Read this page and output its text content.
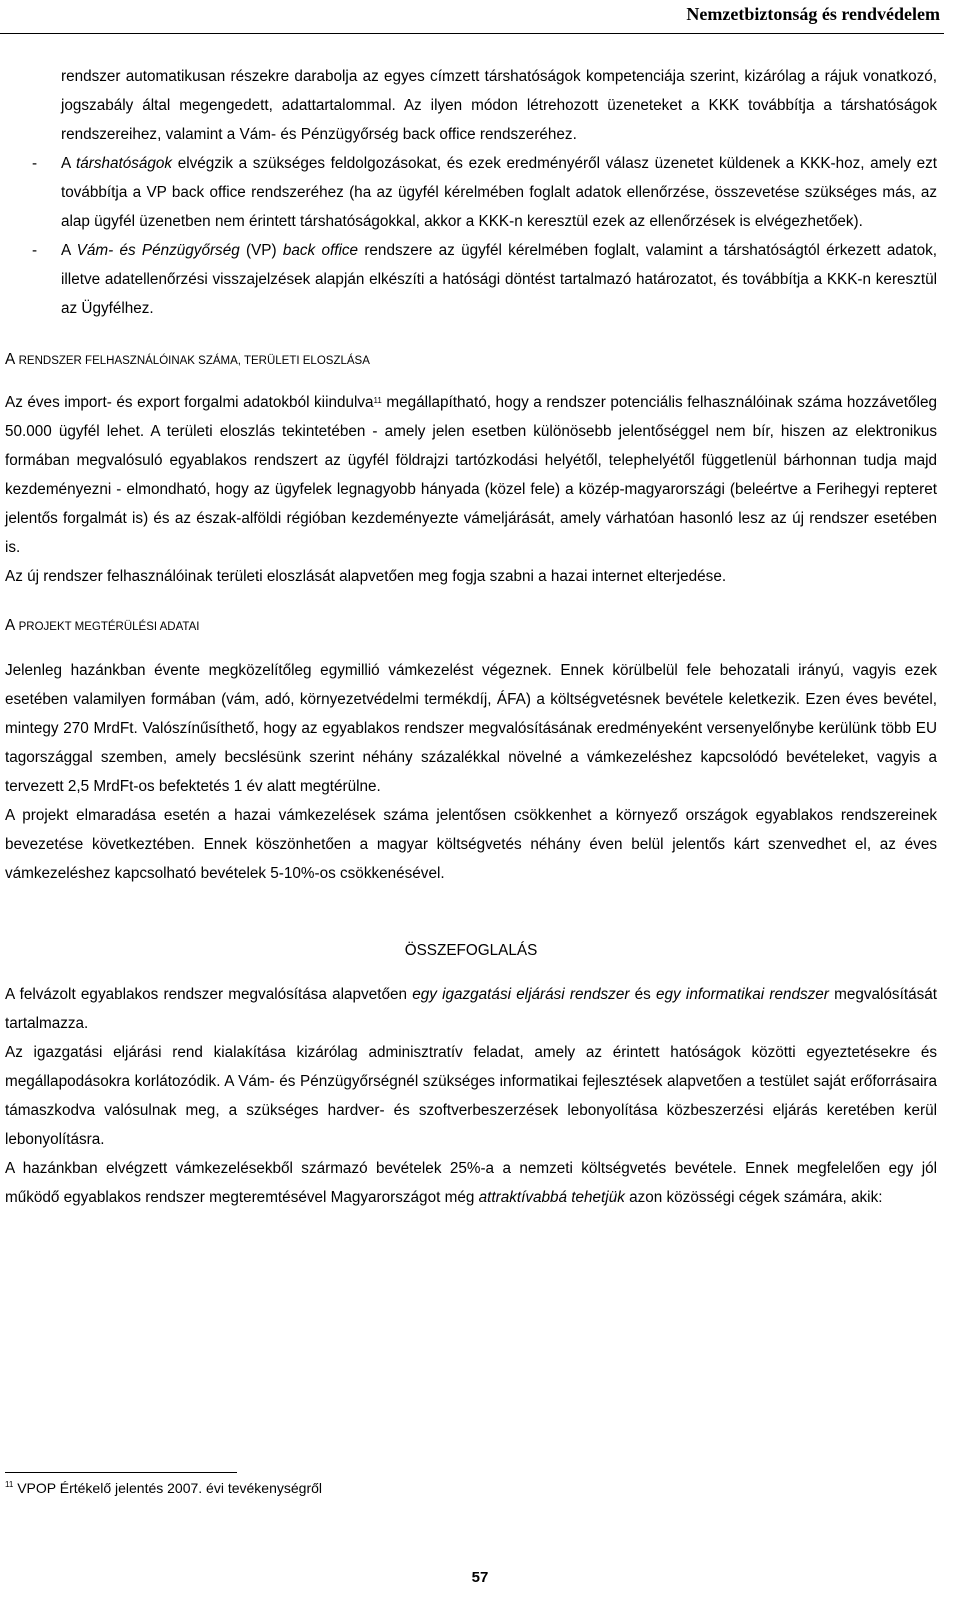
Nemzetbiztonság és rendvédelem

rendszer automatikusan részekre darabolja az egyes címzett társhatóságok kompetenciája szerint, kizárólag a rájuk vonatkozó, jogszabály által megengedett, adattartalommal. Az ilyen módon létrehozott üzeneteket a KKK továbbítja a társhatóságok rendszereihez, valamint a Vám- és Pénzügyőrség back office rendszeréhez.

- A társhatóságok elvégzik a szükséges feldolgozásokat, és ezek eredményéről válasz üzenetet küldenek a KKK-hoz, amely ezt továbbítja a VP back office rendszeréhez (ha az ügyfél kérelmében foglalt adatok ellenőrzése, összevetése szükséges más, az alap ügyfél üzenetben nem érintett társhatóságokkal, akkor a KKK-n keresztül ezek az ellenőrzések is elvégezhetőek).

- A Vám- és Pénzügyőrség (VP) back office rendszere az ügyfél kérelmében foglalt, valamint a társhatóságtól érkezett adatok, illetve adatellenőrzési visszajelzések alapján elkészíti a hatósági döntést tartalmazó határozatot, és továbbítja a KKK-n keresztül az Ügyfélhez.

A RENDSZER FELHASZNÁLÓINAK SZÁMA, TERÜLETI ELOSZLÁSA

Az éves import- és export forgalmi adatokból kiindulva$^{11}$ megállapítható, hogy a rendszer potenciális felhasználóinak száma hozzávetőleg 50.000 ügyfél lehet. A területi eloszlás tekintetében - amely jelen esetben különösebb jelentőséggel nem bír, hiszen az elektronikus formában megvalósuló egyablakos rendszert az ügyfél földrajzi tartózkodási helyétől, telephelyétől függetlenül bárhonnan tudja majd kezdeményezni - elmondható, hogy az ügyfelek legnagyobb hányada (közel fele) a közép-magyarországi (beleértve a Ferihegyi repteret jelentős forgalmát is) és az észak-alföldi régióban kezdeményezte vámeljárását, amely várhatóan hasonló lesz az új rendszer esetében is.

Az új rendszer felhasználóinak területi eloszlását alapvetően meg fogja szabni a hazai internet elterjedése.

A PROJEKT MEGTÉRÜLÉSI ADATAI

Jelenleg hazánkban évente megközelítőleg egymillió vámkezelést végeznek. Ennek körülbelül fele behozatali irányú, vagyis ezek esetében valamilyen formában (vám, adó, környezetvédelmi termékdíj, ÁFA) a költségvetésnek bevétele keletkezik. Ezen éves bevétel, mintegy 270 MrdFt. Valószínűsíthető, hogy az egyablakos rendszer megvalósításának eredményeként versenyelőnybe kerülünk több EU tagországgal szemben, amely becslésünk szerint néhány százalékkal növelné a vámkezeléshez kapcsolódó bevételeket, vagyis a tervezett 2,5 MrdFt-os befektetés 1 év alatt megtérülne.

A projekt elmaradása esetén a hazai vámkezelések száma jelentősen csökkenhet a környező országok egyablakos rendszereinek bevezetése következtében. Ennek köszönhetően a magyar költségvetés néhány éven belül jelentős kárt szenvedhet el, az éves vámkezeléshez kapcsolható bevételek 5-10%-os csökkenésével.

ÖSSZEFOGLALÁS

A felvázolt egyablakos rendszer megvalósítása alapvetően egy igazgatási eljárási rendszer és egy informatikai rendszer megvalósítását tartalmazza.

Az igazgatási eljárási rend kialakítása kizárólag adminisztratív feladat, amely az érintett hatóságok közötti egyeztetésekre és megállapodásokra korlátozódik. A Vám- és Pénzügyőrségnél szükséges informatikai fejlesztések alapvetően a testület saját erőforrásaira támaszkodva valósulnak meg, a szükséges hardver- és szoftverbeszerzések lebonyolítása közbeszerzési eljárás keretében kerül lebonyolításra.

A hazánkban elvégzett vámkezelésekből származó bevételek 25%-a a nemzeti költségvetés bevétele. Ennek megfelelően egy jól működő egyablakos rendszer megteremtésével Magyarországot még attraktívabbá tehetjük azon közösségi cégek számára, akik:

$^{11}$ VPOP Értékelő jelentés 2007. évi tevékenységről
57
